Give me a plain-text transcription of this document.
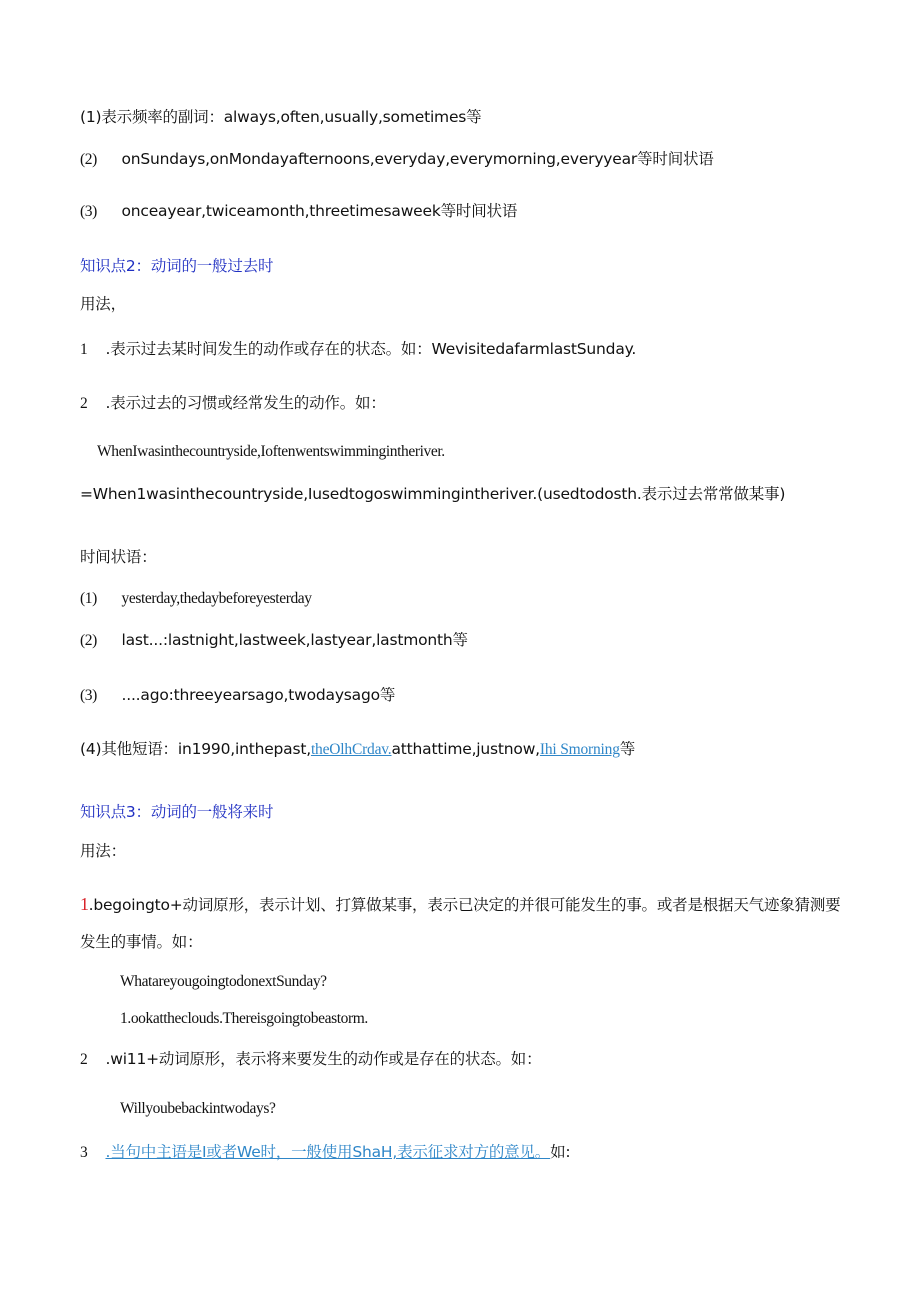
(1)表示频率的副词：always,often,usually,sometimes等
(2) onSundays,onMondayafternoons,everyday,everymorning,everyyear等时间状语
(3) onceayear,twiceamonth,threetimesaweek等时间状语
知识点2：动词的一般过去时
用法，
1 .表示过去某时间发生的动作或存在的状态。如：WevisitedafarmlastSunday.
2 .表示过去的习惯或经常发生的动作。如：
WhenIwasinthecountryside,Ioftenwentswimmingintheriver.
=When1wasinthecountryside,Iusedtogoswimmingintheriver.(usedtodosth.表示过去常常做某事)
时间状语：
(1) yesterday,thedaybeforeyesterday
(2) last...:lastnight,lastweek,lastyear,lastmonth等
(3) ....ago:threeyearsago,twodaysago等
(4)其他短语：in1990,inthepast,theOlhCrdav.atthattime,justnow,Ihi Smorning等
知识点3：动词的一般将来时
用法：
1.begoingto+动词原形，表示计划、打算做某事，表示已决定的并很可能发生的事。或者是根据天气迹象猜测要
发生的事情。如：
WhatareyougoingtodonextSunday?
1.ookattheclouds.Thereisgoingtobeastorm.
2 .wi11+动词原形，表示将来要发生的动作或是存在的状态。如：
Willyoubebackintwodays?
3 .当句中主语是I或者We时，一般使用ShaH,表示征求对方的意见。如:
